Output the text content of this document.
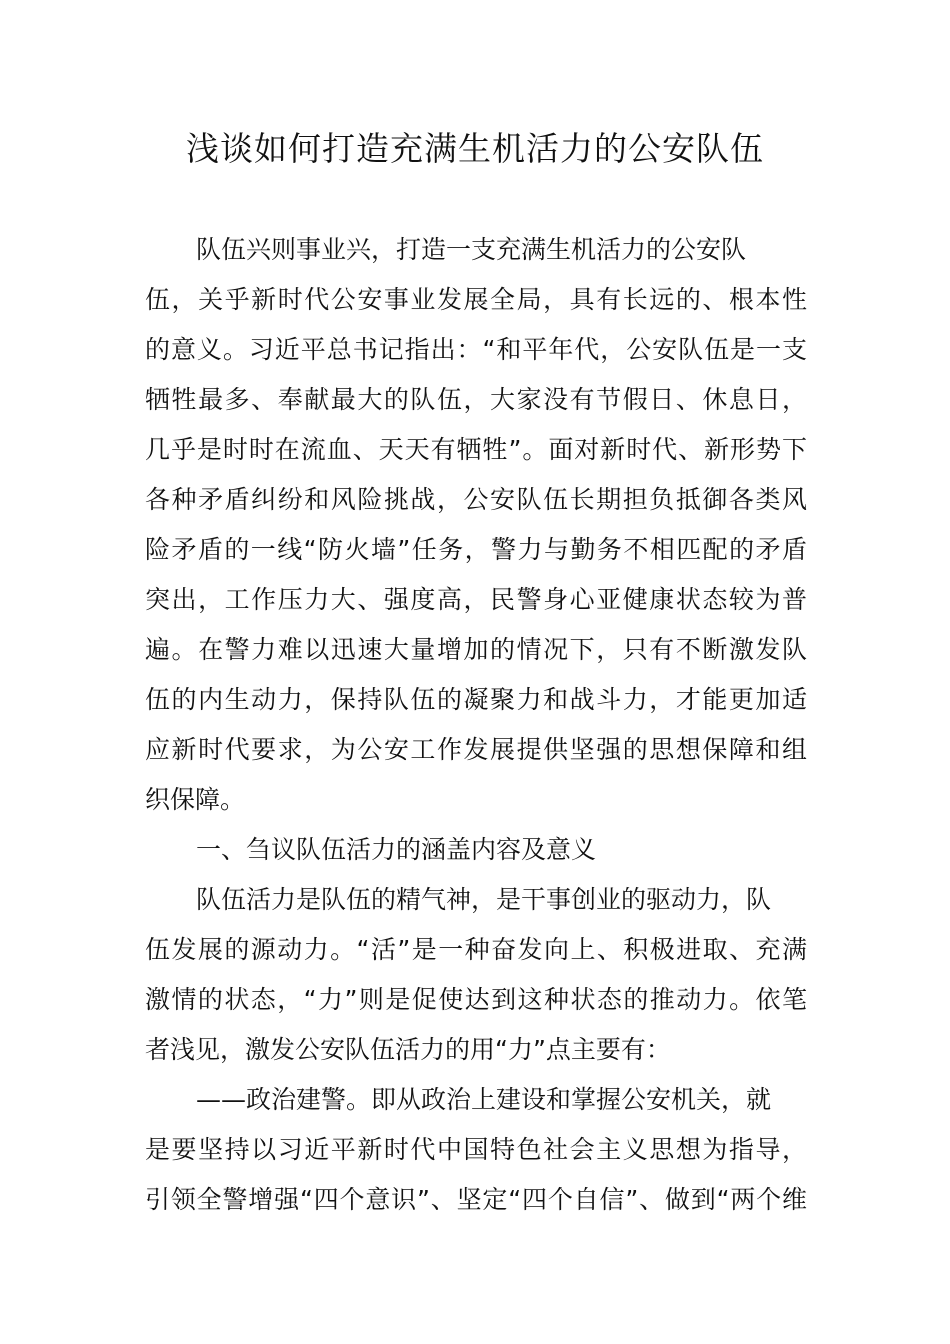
浅谈如何打造充满生机活力的公安队伍
队伍兴则事业兴，打造一支充满生机活力的公安队
伍，关乎新时代公安事业发展全局，具有长远的、根本性
的意义。习近平总书记指出：“和平年代，公安队伍是一支
牺牲最多、奉献最大的队伍，大家没有节假日、休息日，
几乎是时时在流血、天天有牺牲”。面对新时代、新形势下
各种矛盾纠纷和风险挑战，公安队伍长期担负抵御各类风
险矛盾的一线“防火墙”任务，警力与勤务不相匹配的矛盾
突出，工作压力大、强度高，民警身心亚健康状态较为普
遍。在警力难以迅速大量增加的情况下，只有不断激发队
伍的内生动力，保持队伍的凝聚力和战斗力，才能更加适
应新时代要求，为公安工作发展提供坚强的思想保障和组
织保障。
一、刍议队伍活力的涵盖内容及意义
队伍活力是队伍的精气神，是干事创业的驱动力，队
伍发展的源动力。“活”是一种奋发向上、积极进取、充满
激情的状态，“力”则是促使达到这种状态的推动力。依笔
者浅见，激发公安队伍活力的用“力”点主要有：
——政治建警。即从政治上建设和掌握公安机关，就
是要坚持以习近平新时代中国特色社会主义思想为指导，
引领全警增强“四个意识”、坚定“四个自信”、做到“两个维
